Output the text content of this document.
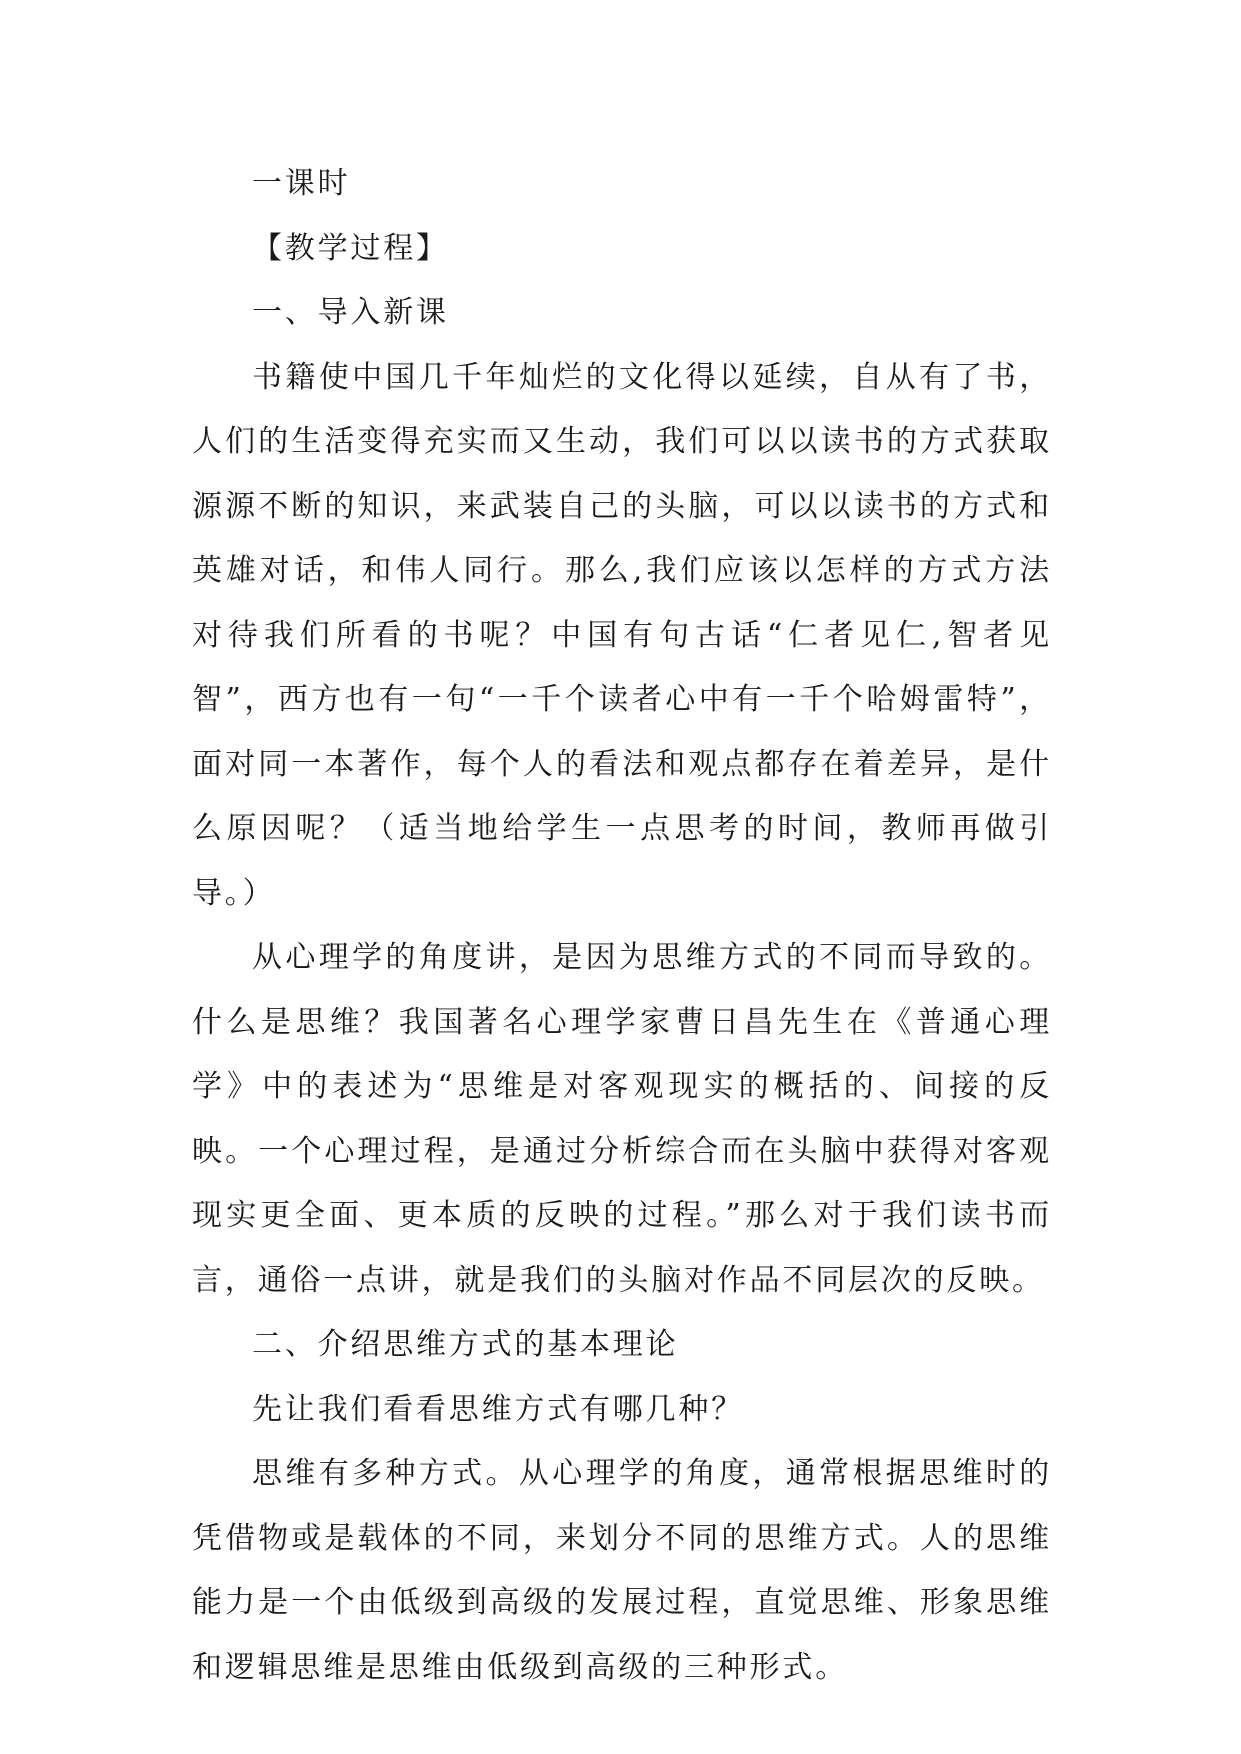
一课时

【教学过程】

一、导入新课

书籍使中国几千年灿烂的文化得以延续，自从有了书，人们的生活变得充实而又生动，我们可以以读书的方式获取源源不断的知识，来武装自己的头脑，可以以读书的方式和英雄对话，和伟人同行。那么,我们应该以怎样的方式方法对待我们所看的书呢？中国有句古话“仁者见仁,智者见智”，西方也有一句“一千个读者心中有一千个哈姆雷特”，面对同一本著作，每个人的看法和观点都存在着差异，是什么原因呢？（适当地给学生一点思考的时间，教师再做引导。）

从心理学的角度讲，是因为思维方式的不同而导致的。什么是思维？我国著名心理学家曹日昌先生在《普通心理学》中的表述为“思维是对客观现实的概括的、间接的反映。一个心理过程，是通过分析综合而在头脑中获得对客观现实更全面、更本质的反映的过程。”那么对于我们读书而言，通俗一点讲，就是我们的头脑对作品不同层次的反映。

二、介绍思维方式的基本理论

先让我们看看思维方式有哪几种？

思维有多种方式。从心理学的角度，通常根据思维时的凭借物或是载体的不同，来划分不同的思维方式。人的思维能力是一个由低级到高级的发展过程，直觉思维、形象思维和逻辑思维是思维由低级到高级的三种形式。
